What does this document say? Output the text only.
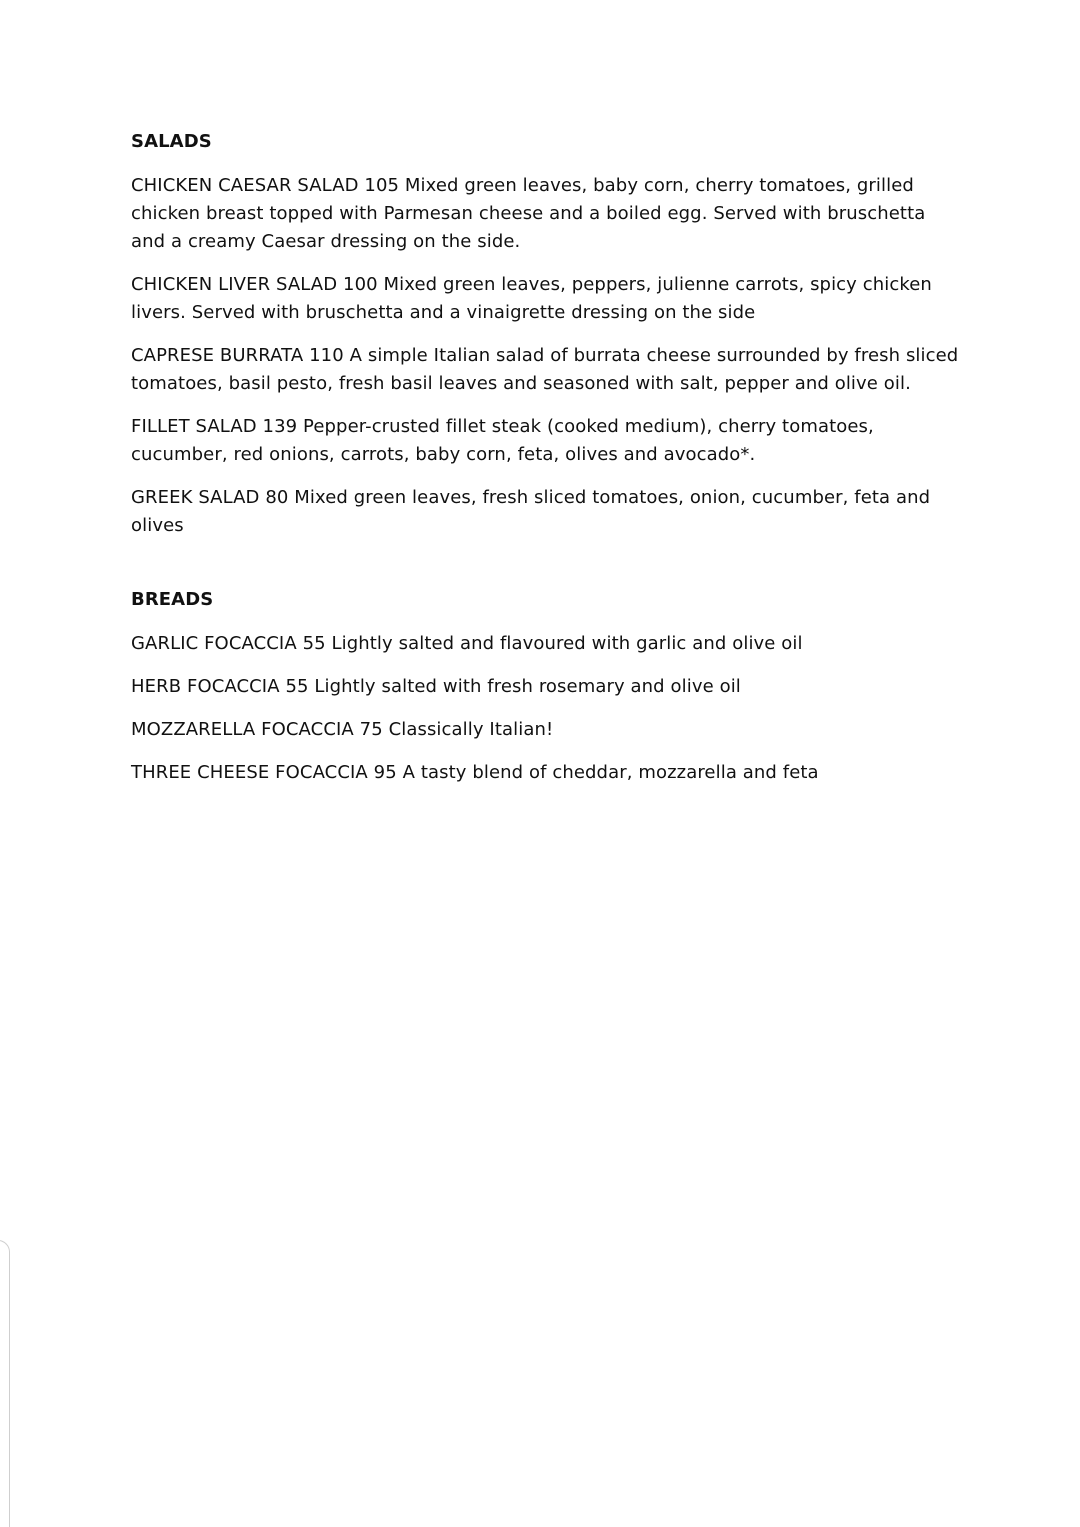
SALADS

CHICKEN CAESAR SALAD 105 Mixed green leaves, baby corn, cherry tomatoes, grilled chicken breast topped with Parmesan cheese and a boiled egg. Served with bruschetta and a creamy Caesar dressing on the side.

CHICKEN LIVER SALAD 100 Mixed green leaves, peppers, julienne carrots, spicy chicken livers. Served with bruschetta and a vinaigrette dressing on the side

CAPRESE BURRATA 110 A simple Italian salad of burrata cheese surrounded by fresh sliced tomatoes, basil pesto, fresh basil leaves and seasoned with salt, pepper and olive oil.

FILLET SALAD 139 Pepper-crusted fillet steak (cooked medium), cherry tomatoes, cucumber, red onions, carrots, baby corn, feta, olives and avocado*.

GREEK SALAD 80 Mixed green leaves, fresh sliced tomatoes, onion, cucumber, feta and olives

BREADS

GARLIC FOCACCIA 55 Lightly salted and flavoured with garlic and olive oil

HERB FOCACCIA 55 Lightly salted with fresh rosemary and olive oil

MOZZARELLA FOCACCIA 75 Classically Italian!

THREE CHEESE FOCACCIA 95 A tasty blend of cheddar, mozzarella and feta
